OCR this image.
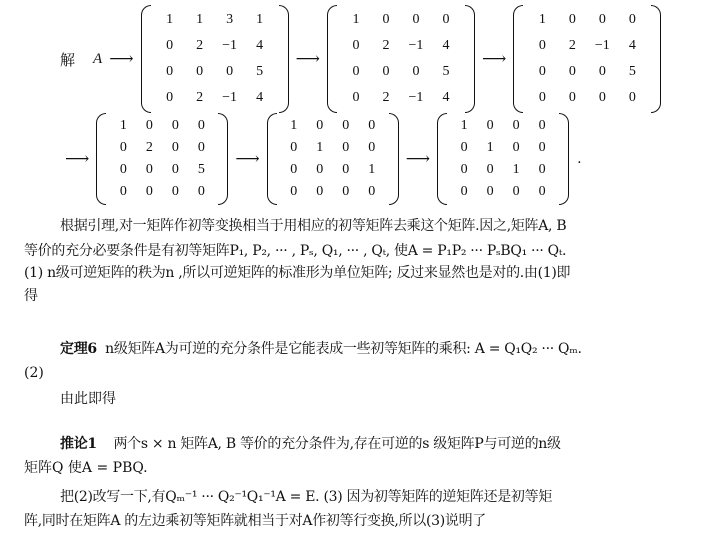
解 A ⟶
1	1	3	1
0	2	−1	4
0	0	0	5
0	2	−1	4
⟶
1	0	0	0
0	2	−1	4
0	0	0	5
0	2	−1	4
⟶
1	0	0	0
0	2	−1	4
0	0	0	5
0	0	0	0
⟶
1	0	0	0
0	2	0	0
0	0	0	5
0	0	0	0
⟶
1	0	0	0
0	1	0	0
0	0	0	1
0	0	0	0
⟶
1	0	0	0
0	1	0	0
0	0	1	0
0	0	0	0
.
根据引理,对一矩阵作初等变换相当于用相应的初等矩阵去乘这个矩阵.因之,矩阵A, B
等价的充分必要条件是有初等矩阵P₁, P₂, ··· , Pₛ, Q₁, ··· , Qₜ, 使A = P₁P₂ ··· PₛBQ₁ ··· Qₜ.
(1) n级可逆矩阵的秩为n ,所以可逆矩阵的标准形为单位矩阵; 反过来显然也是对的.由(1)即
得
定理6 n级矩阵A为可逆的充分条件是它能表成一些初等矩阵的乘积: A = Q₁Q₂ ··· Qₘ.
(2)
由此即得
推论1 两个s × n 矩阵A, B 等价的充分条件为,存在可逆的s 级矩阵P与可逆的n级
矩阵Q 使A = PBQ.
把(2)改写一下,有Qₘ⁻¹ ··· Q₂⁻¹Q₁⁻¹A = E. (3) 因为初等矩阵的逆矩阵还是初等矩
阵,同时在矩阵A 的左边乘初等矩阵就相当于对A作初等行变换,所以(3)说明了
